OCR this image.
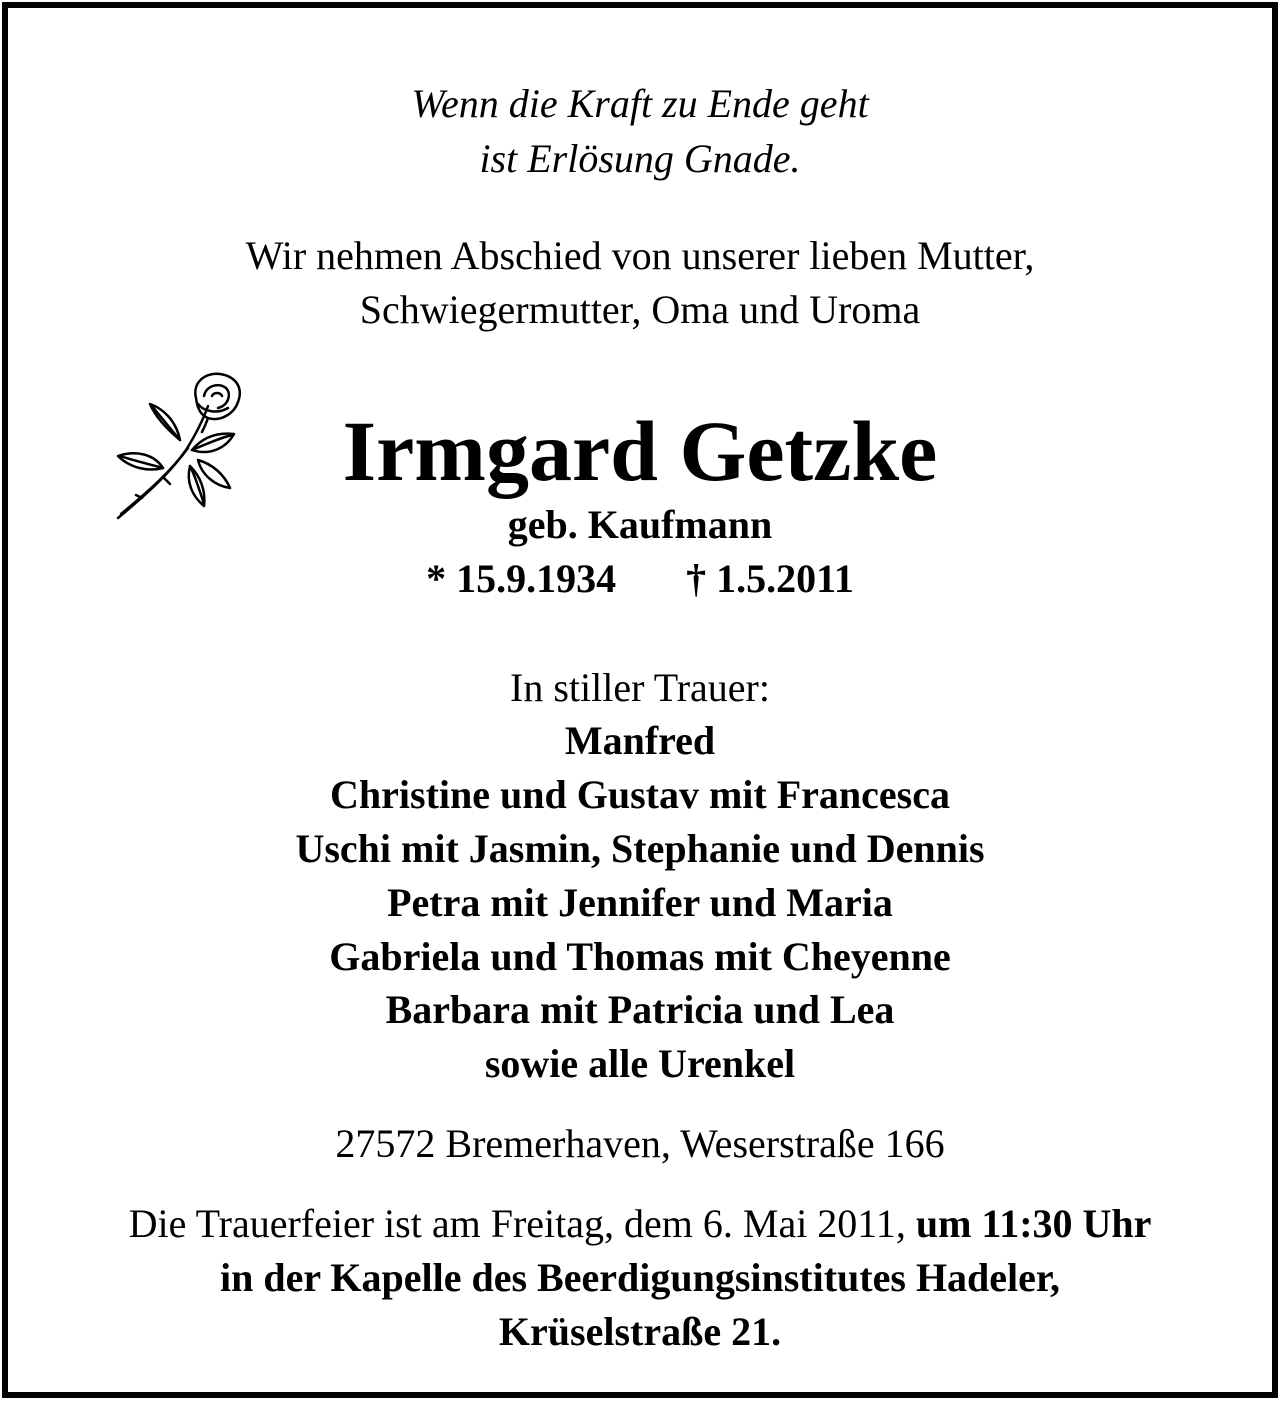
Wenn die Kraft zu Ende geht
ist Erlösung Gnade.
Wir nehmen Abschied von unserer lieben Mutter,
Schwiegermutter, Oma und Uroma
Irmgard Getzke
geb. Kaufmann
* 15.9.1934 † 1.5.2011
In stiller Trauer:
Manfred
Christine und Gustav mit Francesca
Uschi mit Jasmin, Stephanie und Dennis
Petra mit Jennifer und Maria
Gabriela und Thomas mit Cheyenne
Barbara mit Patricia und Lea
sowie alle Urenkel
27572 Bremerhaven, Weserstraße 166
Die Trauerfeier ist am Freitag, dem 6. Mai 2011, um 11:30 Uhr
in der Kapelle des Beerdigungsinstitutes Hadeler,
Krüselstraße 21.
